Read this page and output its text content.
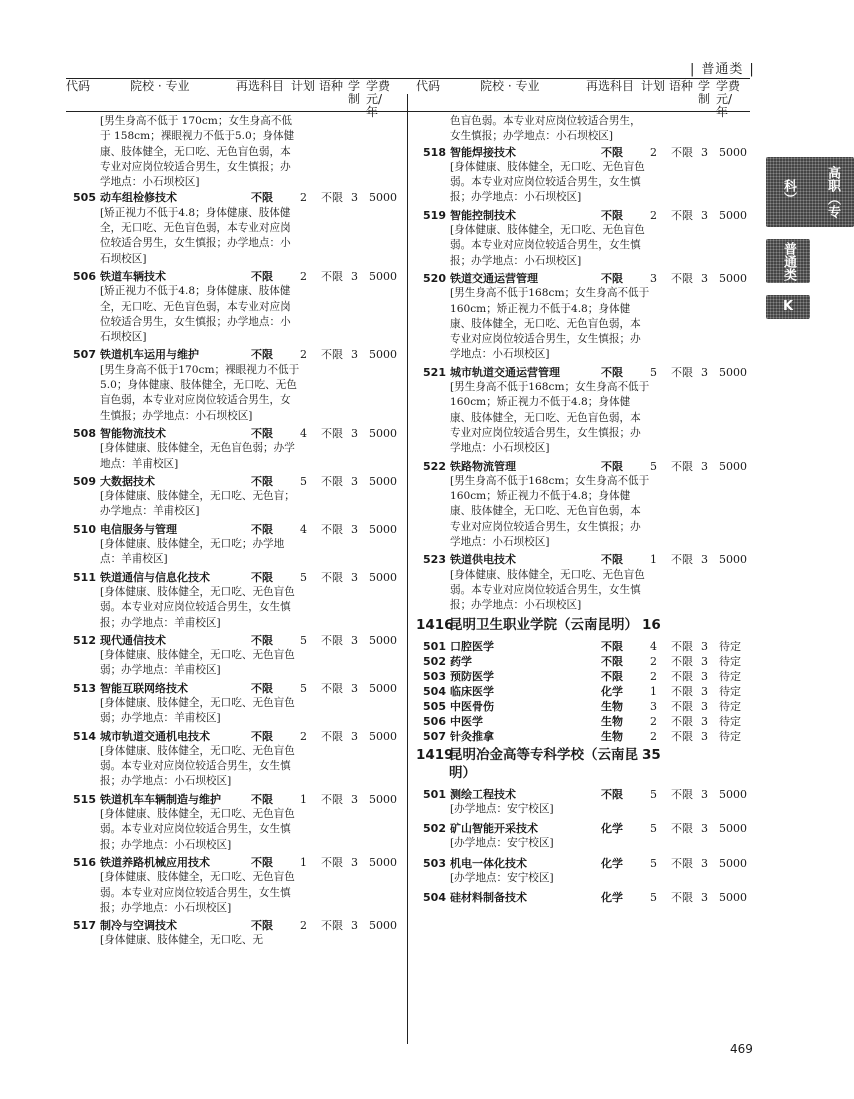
| 普通类 |
高职（专科）
普通类
K
代码	院校 · 专业	再选科目 计划 语种 学制
学费元/年
[男生身高不低于 170cm；女生身高不低于 158cm；裸眼视力不低于5.0；身体健康、肢体健全，无口吃、无色盲色弱，本专业对应岗位较适合男生，女生慎报；办学地点：小石坝校区]
505 动车组检修技术	不限 2 不限 3 5000
[矫正视力不低于4.8；身体健康、肢体健全，无口吃、无色盲色弱，本专业对应岗位较适合男生，女生慎报；办学地点：小石坝校区]
506 铁道车辆技术	不限 2 不限 3 5000
[矫正视力不低于4.8；身体健康、肢体健全，无口吃、无色盲色弱，本专业对应岗位较适合男生，女生慎报；办学地点：小石坝校区]
507 铁道机车运用与维护	不限 2 不限 3 5000
[男生身高不低于170cm；裸眼视力不低于5.0；身体健康、肢体健全，无口吃、无色盲色弱，本专业对应岗位较适合男生，女生慎报；办学地点：小石坝校区]
508 智能物流技术	不限 4 不限 3 5000
[身体健康、肢体健全，无色盲色弱；办学地点：羊甫校区]
509 大数据技术	不限 5 不限 3 5000
[身体健康、肢体健全，无口吃、无色盲；办学地点：羊甫校区]
510 电信服务与管理	不限 4 不限 3 5000
[身体健康、肢体健全，无口吃；办学地点：羊甫校区]
511 铁道通信与信息化技术	不限 5 不限 3 5000
[身体健康、肢体健全，无口吃、无色盲色弱。本专业对应岗位较适合男生，女生慎报；办学地点：羊甫校区]
512 现代通信技术	不限 5 不限 3 5000
[身体健康、肢体健全，无口吃、无色盲色弱；办学地点：羊甫校区]
513 智能互联网络技术	不限 5 不限 3 5000
[身体健康、肢体健全，无口吃、无色盲色弱；办学地点：羊甫校区]
514 城市轨道交通机电技术	不限 2 不限 3 5000
[身体健康、肢体健全，无口吃、无色盲色弱。本专业对应岗位较适合男生，女生慎报；办学地点：小石坝校区]
515 铁道机车车辆制造与维护	不限 1 不限 3 5000
[身体健康、肢体健全，无口吃、无色盲色弱。本专业对应岗位较适合男生，女生慎报；办学地点：小石坝校区]
516 铁道养路机械应用技术	不限 1 不限 3 5000
[身体健康、肢体健全，无口吃、无色盲色弱。本专业对应岗位较适合男生，女生慎报；办学地点：小石坝校区]
517 制冷与空调技术	不限 2 不限 3 5000
[身体健康、肢体健全，无口吃、无
代码	院校 · 专业	再选科目 计划 语种 学制
学费元/年
色盲色弱。本专业对应岗位较适合男生，女生慎报；办学地点：小石坝校区]
518 智能焊接技术	不限 2 不限 3 5000
[身体健康、肢体健全，无口吃、无色盲色弱。本专业对应岗位较适合男生，女生慎报；办学地点：小石坝校区]
519 智能控制技术	不限 2 不限 3 5000
[身体健康、肢体健全，无口吃、无色盲色弱。本专业对应岗位较适合男生，女生慎报；办学地点：小石坝校区]
520 铁道交通运营管理	不限 3 不限 3 5000
[男生身高不低于168cm；女生身高不低于160cm；矫正视力不低于4.8；身体健康、肢体健全，无口吃、无色盲色弱，本专业对应岗位较适合男生，女生慎报；办学地点：小石坝校区]
521 城市轨道交通运营管理	不限 5 不限 3 5000
[男生身高不低于168cm；女生身高不低于160cm；矫正视力不低于4.8；身体健康、肢体健全，无口吃、无色盲色弱，本专业对应岗位较适合男生，女生慎报；办学地点：小石坝校区]
522 铁路物流管理	不限 5 不限 3 5000
[男生身高不低于168cm；女生身高不低于160cm；矫正视力不低于4.8；身体健康、肢体健全，无口吃、无色盲色弱，本专业对应岗位较适合男生，女生慎报；办学地点：小石坝校区]
523 铁道供电技术	不限 1 不限 3 5000
[身体健康、肢体健全，无口吃、无色盲色弱。本专业对应岗位较适合男生，女生慎报；办学地点：小石坝校区]
1416
昆明卫生职业学院（云南昆明） 16
501 口腔医学	不限 4 不限 3 待定
502 药学	不限 2 不限 3 待定
503 预防医学	不限 2 不限 3 待定
504 临床医学	化学 1 不限 3 待定
505 中医骨伤	生物 3 不限 3 待定
506 中医学	生物 2 不限 3 待定
507 针灸推拿	生物 2 不限 3 待定
1419
昆明冶金高等专科学校（云南昆明）
35
501 测绘工程技术	不限 5 不限 3 5000
[办学地点：安宁校区]
502 矿山智能开采技术	化学 5 不限 3 5000
[办学地点：安宁校区]
503 机电一体化技术	化学 5 不限 3 5000
[办学地点：安宁校区]
504 硅材料制备技术	化学 5 不限 3 5000
469
